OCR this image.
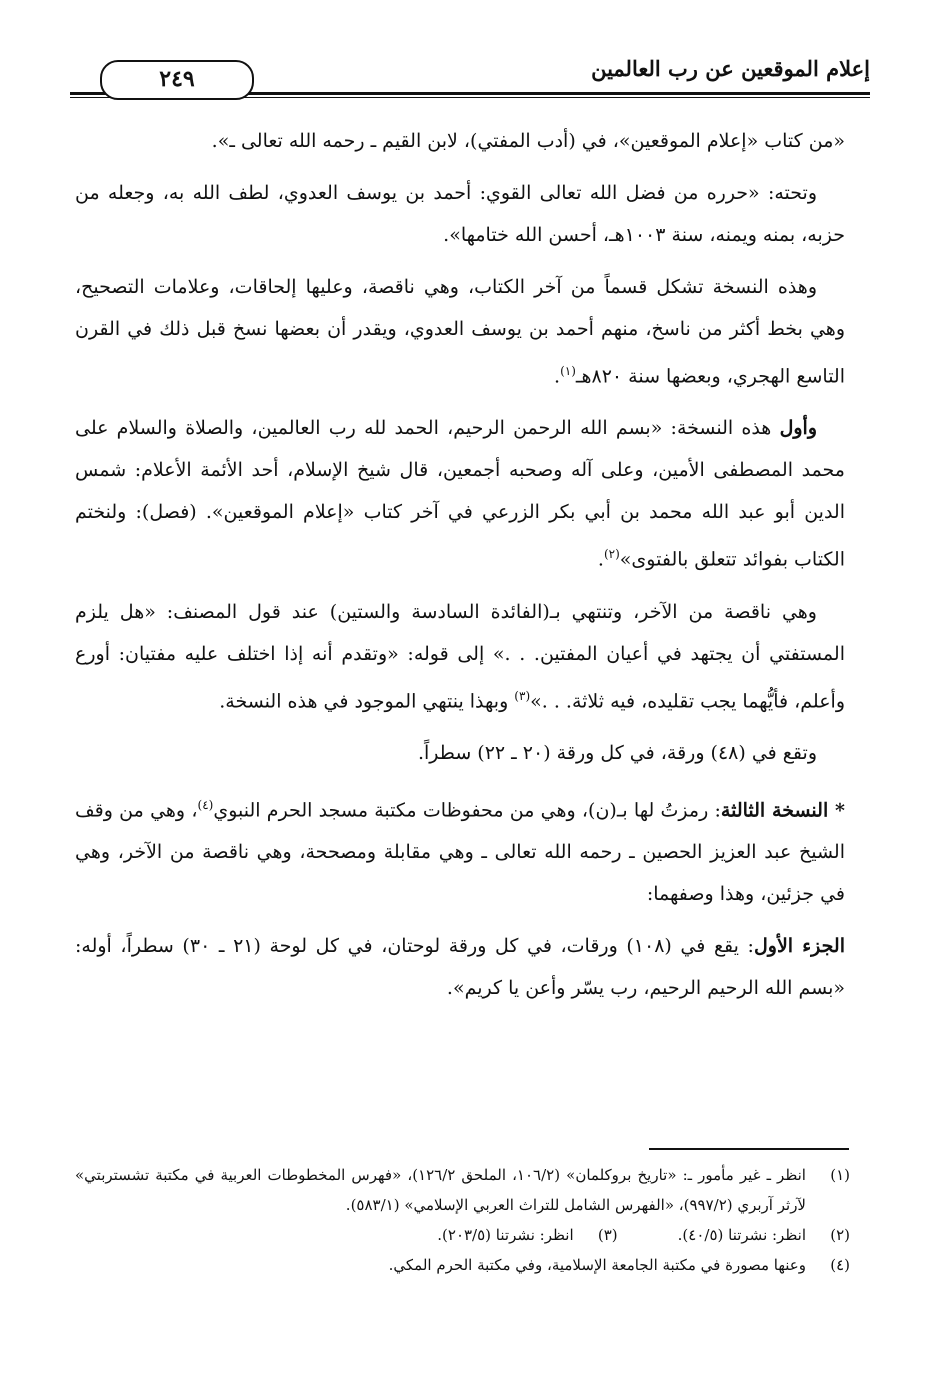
إعلام الموقعين عن رب العالمين
٢٤٩

«من كتاب «إعلام الموقعين»، في (أدب المفتي)، لابن القيم ـ رحمه الله تعالى ـ».

وتحته: «حرره من فضل الله تعالى القوي: أحمد بن يوسف العدوي، لطف الله به، وجعله من حزبه، بمنه ويمنه، سنة ١٠٠٣هـ، أحسن الله ختامها».

وهذه النسخة تشكل قسماً من آخر الكتاب، وهي ناقصة، وعليها إلحاقات، وعلامات التصحيح، وهي بخط أكثر من ناسخ، منهم أحمد بن يوسف العدوي، ويقدر أن بعضها نسخ قبل ذلك في القرن التاسع الهجري، وبعضها سنة ٨٢٠هـ$^{(١)}$.

وأول هذه النسخة: «بسم الله الرحمن الرحيم، الحمد لله رب العالمين، والصلاة والسلام على محمد المصطفى الأمين، وعلى آله وصحبه أجمعين، قال شيخ الإسلام، أحد الأئمة الأعلام: شمس الدين أبو عبد الله محمد بن أبي بكر الزرعي في آخر كتاب «إعلام الموقعين». (فصل): ولنختم الكتاب بفوائد تتعلق بالفتوى»$^{(٢)}$.

وهي ناقصة من الآخر، وتنتهي بـ(الفائدة السادسة والستين) عند قول المصنف: «هل يلزم المستفتي أن يجتهد في أعيان المفتين. . .» إلى قوله: «وتقدم أنه إذا اختلف عليه مفتيان: أورع وأعلم، فأيُّهما يجب تقليده، فيه ثلاثة. . .»$^{(٣)}$ وبهذا ينتهي الموجود في هذه النسخة.

وتقع في (٤٨) ورقة، في كل ورقة (٢٠ ـ ٢٢) سطراً.

* النسخة الثالثة: رمزتُ لها بـ(ن)، وهي من محفوظات مكتبة مسجد الحرم النبوي$^{(٤)}$، وهي من وقف الشيخ عبد العزيز الحصين ـ رحمه الله تعالى ـ وهي مقابلة ومصححة، وهي ناقصة من الآخر، وهي في جزئين، وهذا وصفهما:

الجزء الأول: يقع في (١٠٨) ورقات، في كل ورقة لوحتان، في كل لوحة (٢١ ـ ٣٠) سطراً، أوله: «بسم الله الرحيم الرحيم، رب يسّر وأعن يا كريم».

(١)
انظر ـ غير مأمور ـ: «تاريخ بروكلمان» (١٠٦/٢، الملحق ١٢٦/٢)، «فهرس المخطوطات العربية في مكتبة تشستربتي» لآرثر آربري (٩٩٧/٢)، «الفهرس الشامل للتراث العربي الإسلامي» (٥٨٣/١).
(٢)
انظر: نشرتنا (٤٠/٥).
(٣)
انظر: نشرتنا (٢٠٣/٥).
(٤)
وعنها مصورة في مكتبة الجامعة الإسلامية، وفي مكتبة الحرم المكي.
